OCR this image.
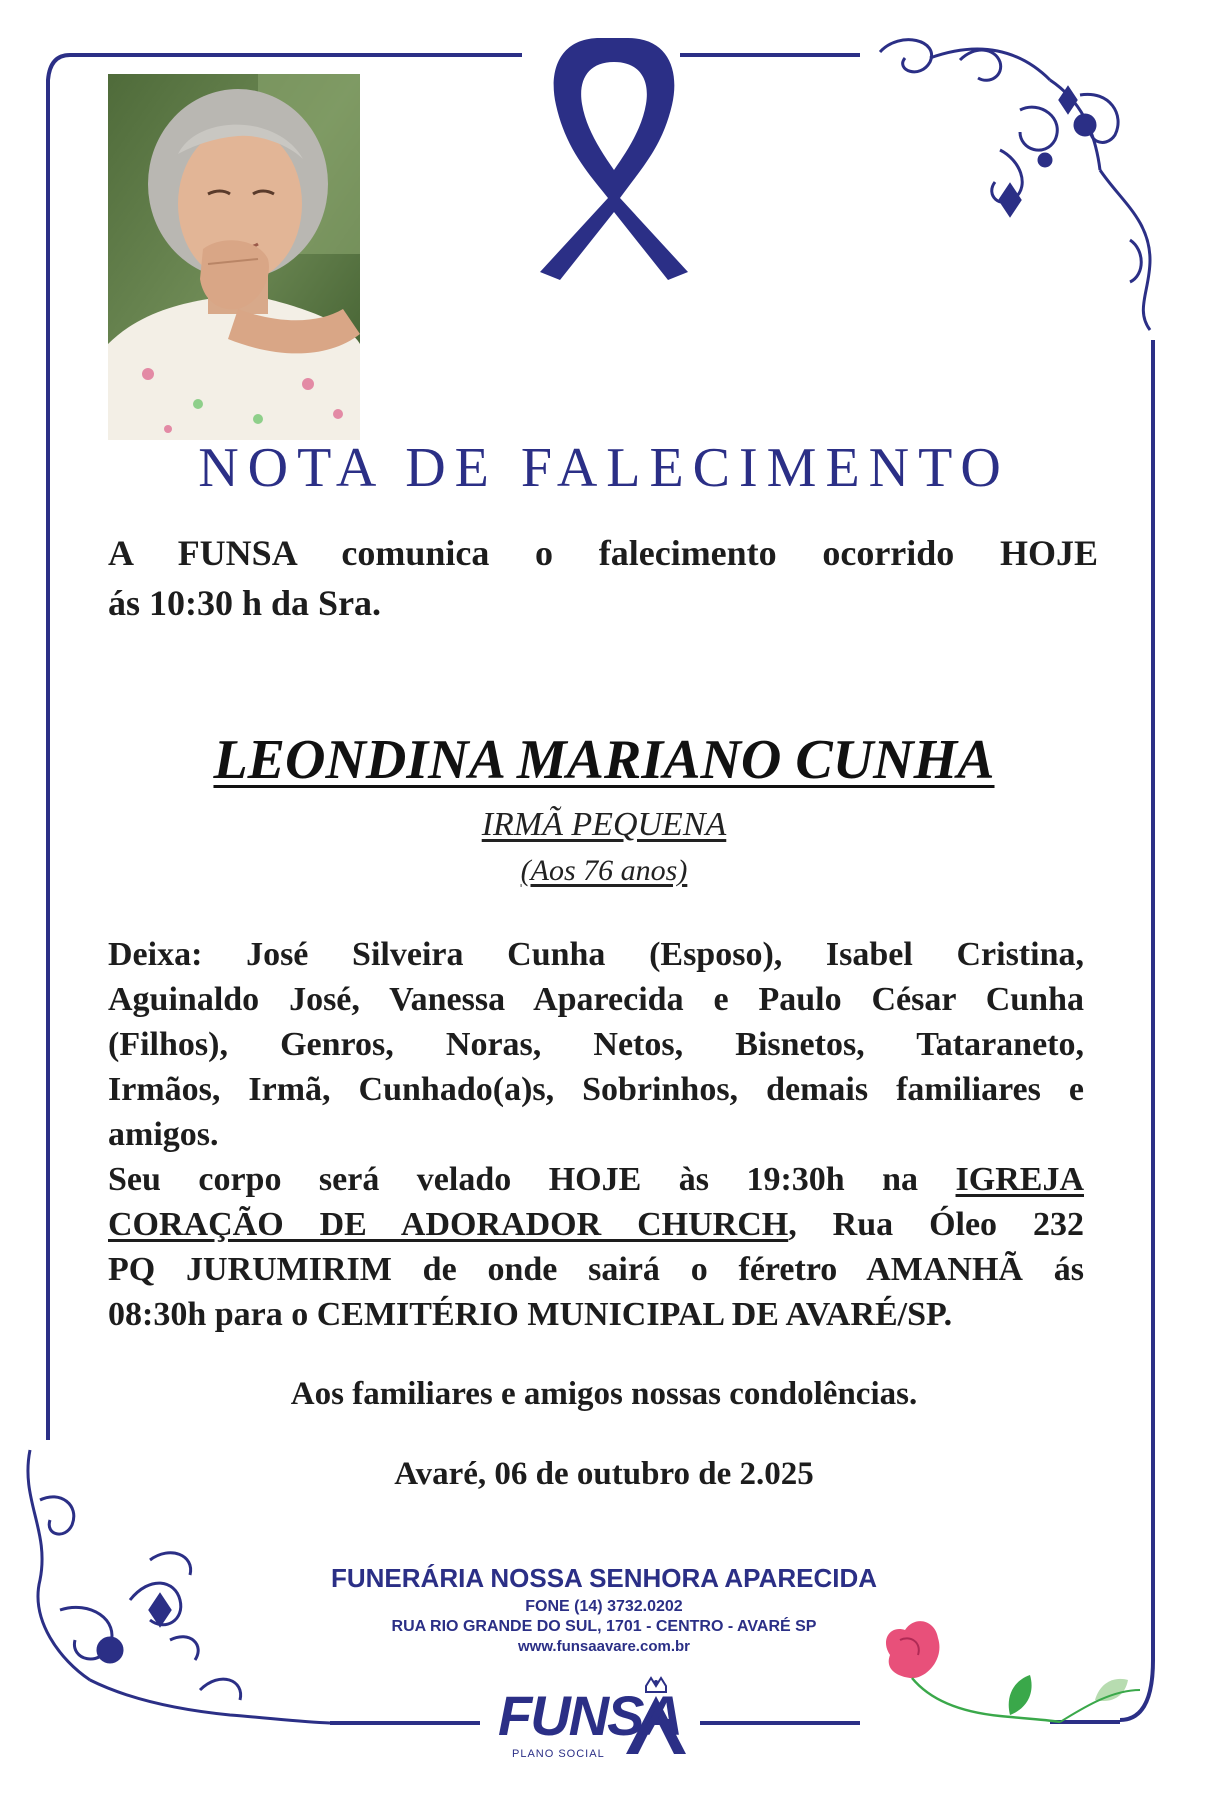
NOTA DE FALECIMENTO
A FUNSA comunica o falecimento ocorrido HOJE
ás 10:30 h da Sra.
LEONDINA MARIANO CUNHA
IRMÃ PEQUENA
(Aos 76 anos)
Deixa: José Silveira Cunha (Esposo), Isabel Cristina,
Aguinaldo José, Vanessa Aparecida e Paulo César Cunha
(Filhos), Genros, Noras, Netos, Bisnetos, Tataraneto,
Irmãos, Irmã, Cunhado(a)s, Sobrinhos, demais familiares e
amigos.
Seu corpo será velado HOJE às 19:30h na IGREJA
CORAÇÃO DE ADORADOR CHURCH, Rua Óleo 232
PQ JURUMIRIM de onde sairá o féretro AMANHÃ ás
08:30h para o CEMITÉRIO MUNICIPAL DE AVARÉ/SP.
Aos familiares e amigos nossas condolências.
Avaré, 06 de outubro de 2.025
FUNERÁRIA NOSSA SENHORA APARECIDA
FONE (14) 3732.0202
RUA RIO GRANDE DO SUL, 1701 - CENTRO - AVARÉ SP
www.funsaavare.com.br
FUNSA
PLANO SOCIAL
